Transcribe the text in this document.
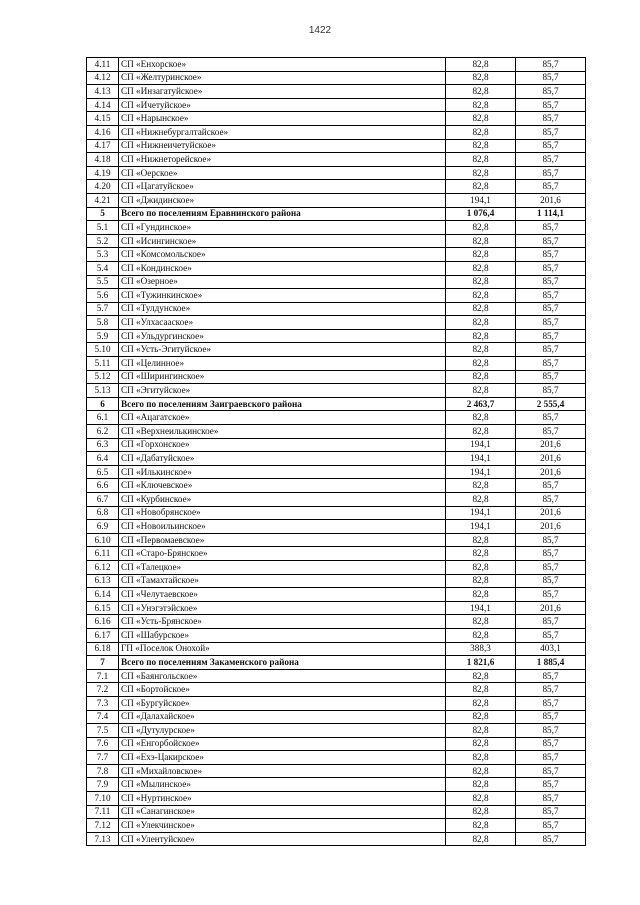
1422
4.11	СП «Енхорское»	82,8	85,7
4.12	СП «Желтуринское»	82,8	85,7
4.13	СП «Инзагатуйское»	82,8	85,7
4.14	СП «Ичетуйское»	82,8	85,7
4.15	СП «Нарынское»	82,8	85,7
4.16	СП «Нижнебургалтайское»	82,8	85,7
4.17	СП «Нижнеичетуйское»	82,8	85,7
4.18	СП «Нижнеторейское»	82,8	85,7
4.19	СП «Оерское»	82,8	85,7
4.20	СП «Цагатуйское»	82,8	85,7
4.21	СП «Джидинское»	194,1	201,6
5	Всего по поселениям Еравнинского района	1 076,4	1 114,1
5.1	СП «Гундинское»	82,8	85,7
5.2	СП «Исингинское»	82,8	85,7
5.3	СП «Комсомольское»	82,8	85,7
5.4	СП «Кондинское»	82,8	85,7
5.5	СП «Озерное»	82,8	85,7
5.6	СП «Тужинкинское»	82,8	85,7
5.7	СП «Тулдунское»	82,8	85,7
5.8	СП «Улхасаaское»	82,8	85,7
5.9	СП «Ульдургинское»	82,8	85,7
5.10	СП «Усть-Эгитуйское»	82,8	85,7
5.11	СП «Целинное»	82,8	85,7
5.12	СП «Ширингинское»	82,8	85,7
5.13	СП «Эгитуйское»	82,8	85,7
6	Всего по поселениям Заиграевского района	2 463,7	2 555,4
6.1	СП «Ацагатское»	82,8	85,7
6.2	СП «Верхнеилькинское»	82,8	85,7
6.3	СП «Горхонское»	194,1	201,6
6.4	СП «Дабатуйское»	194,1	201,6
6.5	СП «Илькинское»	194,1	201,6
6.6	СП «Ключевское»	82,8	85,7
6.7	СП «Курбинское»	82,8	85,7
6.8	СП «Новобрянское»	194,1	201,6
6.9	СП «Новоильинское»	194,1	201,6
6.10	СП «Первомаевское»	82,8	85,7
6.11	СП «Старо-Брянское»	82,8	85,7
6.12	СП «Талецкое»	82,8	85,7
6.13	СП «Тамахтайское»	82,8	85,7
6.14	СП «Челутаевское»	82,8	85,7
6.15	СП «Унэгэтэйское»	194,1	201,6
6.16	СП «Усть-Брянское»	82,8	85,7
6.17	СП «Шабурское»	82,8	85,7
6.18	ГП «Поселок Онохой»	388,3	403,1
7	Всего по поселениям Закаменского района	1 821,6	1 885,4
7.1	СП «Баянгольское»	82,8	85,7
7.2	СП «Бортойское»	82,8	85,7
7.3	СП «Бургуйское»	82,8	85,7
7.4	СП «Далахайское»	82,8	85,7
7.5	СП «Дутулурское»	82,8	85,7
7.6	СП «Енгорбойское»	82,8	85,7
7.7	СП «Ехэ-Цакирское»	82,8	85,7
7.8	СП «Михайловское»	82,8	85,7
7.9	СП «Мылинское»	82,8	85,7
7.10	СП «Нуртинское»	82,8	85,7
7.11	СП «Санагинское»	82,8	85,7
7.12	СП «Улекчинское»	82,8	85,7
7.13	СП «Улентуйское»	82,8	85,7
